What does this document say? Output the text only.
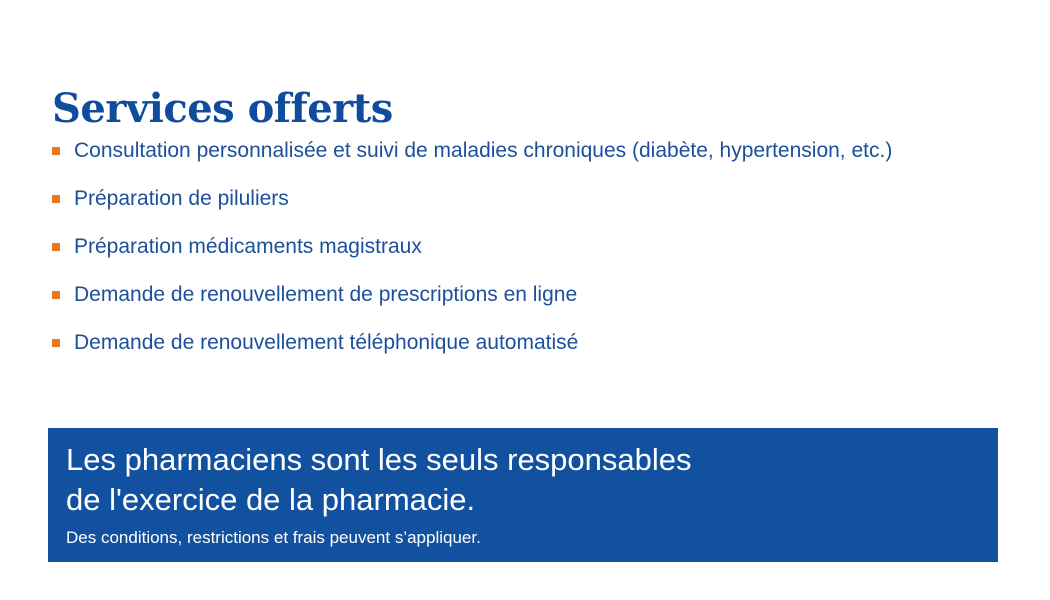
Services offerts
Consultation personnalisée et suivi de maladies chroniques (diabète, hypertension, etc.)
Préparation de piluliers
Préparation médicaments magistraux
Demande de renouvellement de prescriptions en ligne
Demande de renouvellement téléphonique automatisé
Les pharmaciens sont les seuls responsables
de l'exercice de la pharmacie.
Des conditions, restrictions et frais peuvent s’appliquer.
